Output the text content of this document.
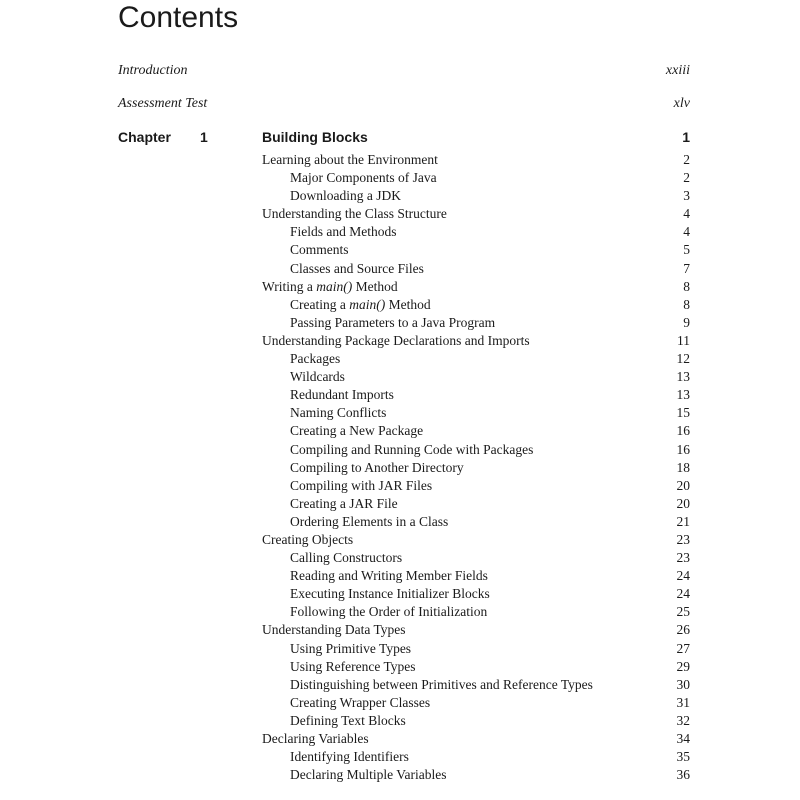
Contents
Introduction	xxiii
Assessment Test	xlv
Chapter 1	Building Blocks	1
Learning about the Environment	2
Major Components of Java	2
Downloading a JDK	3
Understanding the Class Structure	4
Fields and Methods	4
Comments	5
Classes and Source Files	7
Writing a main() Method	8
Creating a main() Method	8
Passing Parameters to a Java Program	9
Understanding Package Declarations and Imports	11
Packages	12
Wildcards	13
Redundant Imports	13
Naming Conflicts	15
Creating a New Package	16
Compiling and Running Code with Packages	16
Compiling to Another Directory	18
Compiling with JAR Files	20
Creating a JAR File	20
Ordering Elements in a Class	21
Creating Objects	23
Calling Constructors	23
Reading and Writing Member Fields	24
Executing Instance Initializer Blocks	24
Following the Order of Initialization	25
Understanding Data Types	26
Using Primitive Types	27
Using Reference Types	29
Distinguishing between Primitives and Reference Types	30
Creating Wrapper Classes	31
Defining Text Blocks	32
Declaring Variables	34
Identifying Identifiers	35
Declaring Multiple Variables	36
